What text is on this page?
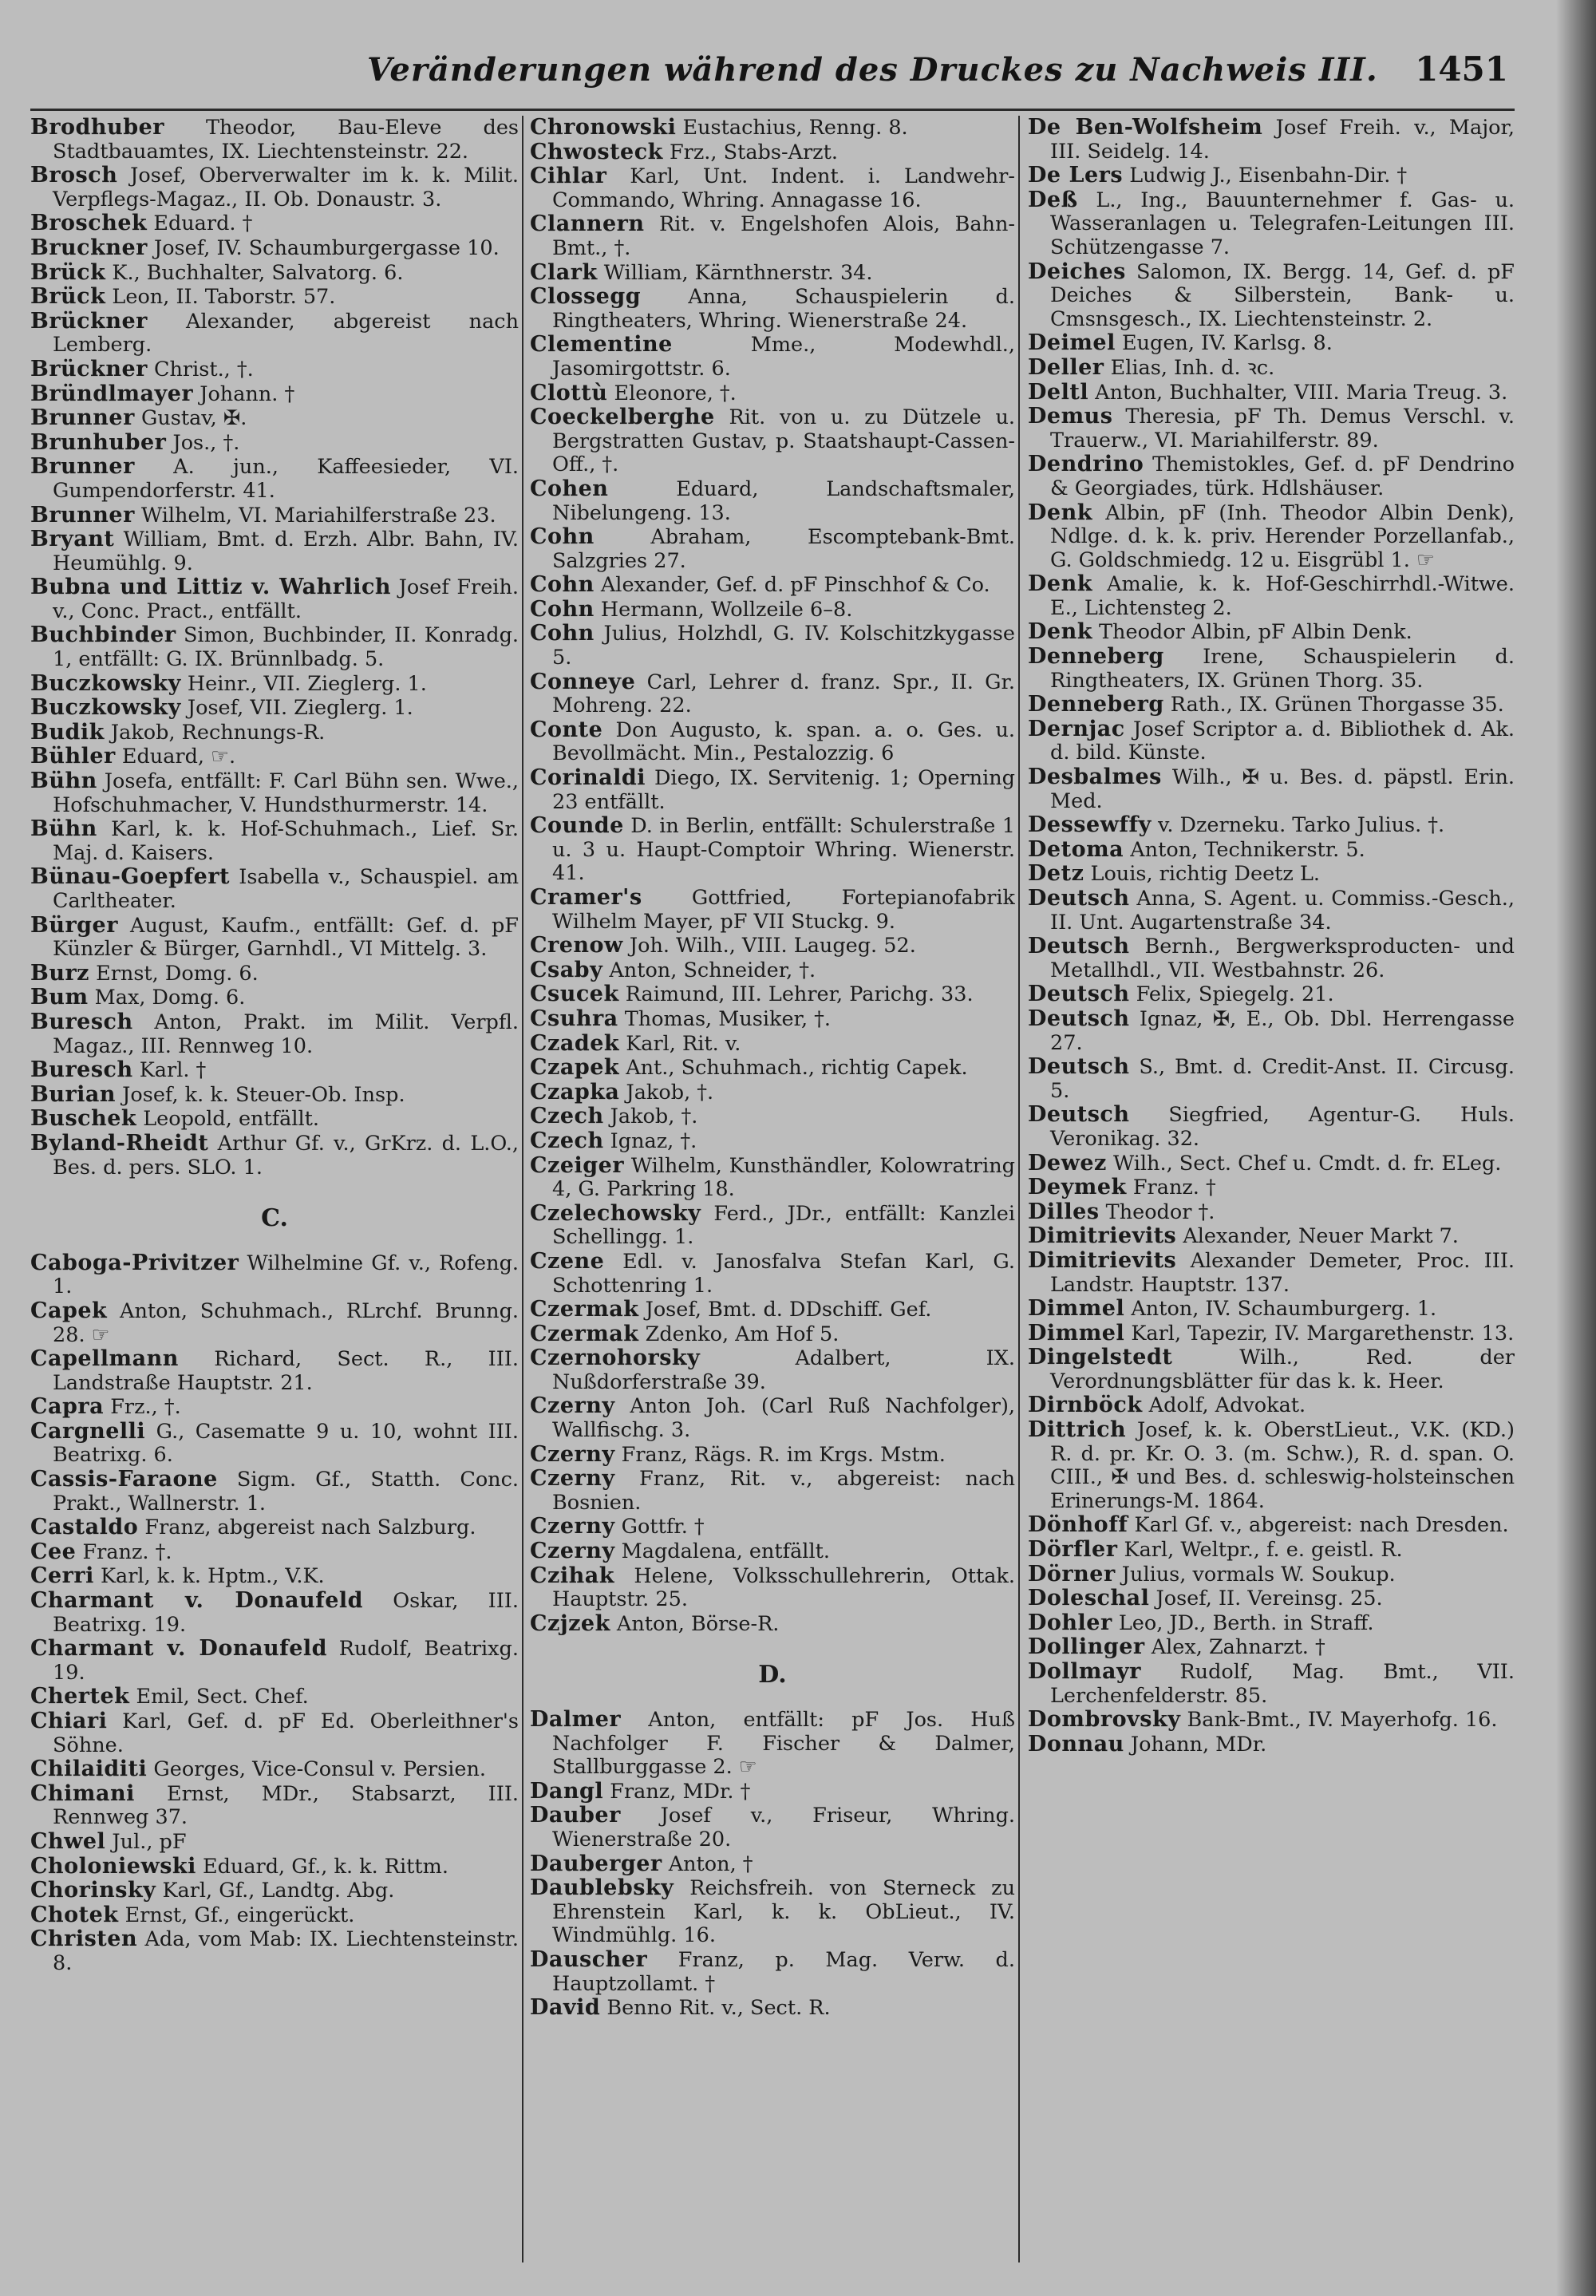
Veränderungen während des Druckes zu Nachweis III. 1451
Brodhuber Theodor, Bau-Eleve des Stadtbauamtes, IX. Liechtensteinstr. 22.
Brosch Josef, Oberverwalter im k. k. Milit. Verpflegs-Magaz., II. Ob. Donaustr. 3.
Broschek Eduard. †
Bruckner Josef, IV. Schaumburgergasse 10.
Brück K., Buchhalter, Salvatorg. 6.
Brück Leon, II. Taborstr. 57.
Brückner Alexander, abgereist nach Lemberg.
Brückner Christ., †.
Bründlmayer Johann. †
Brunner Gustav, ✠.
Brunhuber Jos., †.
Brunner A. jun., Kaffeesieder, VI. Gumpendorferstr. 41.
Brunner Wilhelm, VI. Mariahilferstraße 23.
Bryant William, Bmt. d. Erzh. Albr. Bahn, IV. Heumühlg. 9.
Bubna und Littiz v. Wahrlich Josef Freih. v., Conc. Pract., entfällt.
Buchbinder Simon, Buchbinder, II. Konradg. 1, entfällt: G. IX. Brünnlbadg. 5.
Buczkowsky Heinr., VII. Zieglerg. 1.
Buczkowsky Josef, VII. Zieglerg. 1.
Budik Jakob, Rechnungs-R.
Bühler Eduard, ☞.
Bühn Josefa, entfällt: F. Carl Bühn sen. Wwe., Hofschuhmacher, V. Hundsthurmerstr. 14.
Bühn Karl, k. k. Hof-Schuhmach., Lief. Sr. Maj. d. Kaisers.
Bünau-Goepfert Isabella v., Schauspiel. am Carltheater.
Bürger August, Kaufm., entfällt: Gef. d. pF Künzler & Bürger, Garnhdl., VI Mittelg. 3.
Burz Ernst, Domg. 6.
Bum Max, Domg. 6.
Buresch Anton, Prakt. im Milit. Verpfl. Magaz., III. Rennweg 10.
Buresch Karl. †
Burian Josef, k. k. Steuer-Ob. Insp.
Buschek Leopold, entfällt.
Byland-Rheidt Arthur Gf. v., GrKrz. d. L.O., Bes. d. pers. SLO. 1.
C.
Cabogа-Privitzer Wilhelmine Gf. v., Rofeng. 1.
Capek Anton, Schuhmach., RLrchf. Brunng. 28. ☞
Capellmann Richard, Sect. R., III. Landstraße Hauptstr. 21.
Capra Frz., †.
Cargnelli G., Casematte 9 u. 10, wohnt III. Beatrixg. 6.
Cassis-Faraone Sigm. Gf., Statth. Conc. Prakt., Wallnerstr. 1.
Castaldo Franz, abgereist nach Salzburg.
Cee Franz. †.
Cerri Karl, k. k. Hptm., V.K.
Charmant v. Donaufeld Oskar, III. Beatrixg. 19.
Charmant v. Donaufeld Rudolf, Beatrixg. 19.
Chertek Emil, Sect. Chef.
Chiari Karl, Gef. d. pF Ed. Oberleithner's Söhne.
Chilaiditi Georges, Vice-Consul v. Persien.
Chimani Ernst, MDr., Stabsarzt, III. Rennweg 37.
Chwel Jul., pF
Choloniewski Eduard, Gf., k. k. Rittm.
Chorinsky Karl, Gf., Landtg. Abg.
Chotek Ernst, Gf., eingerückt.
Christen Ada, vom Mab: IX. Liechtensteinstr. 8.
Chronowski Eustachius, Renng. 8.
Chwosteck Frz., Stabs-Arzt.
Cihlar Karl, Unt. Indent. i. Landwehr-Commando, Whring. Annagasse 16.
Clannern Rit. v. Engelshofen Alois, Bahn-Bmt., †.
Clark William, Kärnthnerstr. 34.
Clossegg Anna, Schauspielerin d. Ringtheaters, Whring. Wienerstraße 24.
Clementine Mme., Modewhdl., Jasomirgottstr. 6.
Clottù Eleonore, †.
Coeckelberghe Rit. von u. zu Dützele u. Bergstratten Gustav, p. Staatshaupt-Cassen-Off., †.
Cohen Eduard, Landschaftsmaler, Nibelungeng. 13.
Cohn Abraham, Escomptebank-Bmt. Salzgries 27.
Cohn Alexander, Gef. d. pF Pinschhof & Co.
Cohn Hermann, Wollzeile 6–8.
Cohn Julius, Holzhdl, G. IV. Kolschitzkygasse 5.
Conneye Carl, Lehrer d. franz. Spr., II. Gr. Mohreng. 22.
Conte Don Augusto, k. span. a. o. Ges. u. Bevollmächt. Min., Pestalozzig. 6
Corinaldi Diego, IX. Servitenig. 1; Operning 23 entfällt.
Counde D. in Berlin, entfällt: Schulerstraße 1 u. 3 u. Haupt-Comptoir Whring. Wienerstr. 41.
Cramer's Gottfried, Fortepianofabrik Wilhelm Mayer, pF VII Stuckg. 9.
Crenow Joh. Wilh., VIII. Laugeg. 52.
Csaby Anton, Schneider, †.
Csucek Raimund, III. Lehrer, Parichg. 33.
Csuhra Thomas, Musiker, †.
Czadek Karl, Rit. v.
Czapek Ant., Schuhmach., richtig Capek.
Czapka Jakob, †.
Czech Jakob, †.
Czech Ignaz, †.
Czeiger Wilhelm, Kunsthändler, Kolowratring 4, G. Parkring 18.
Czelechowsky Ferd., JDr., entfällt: Kanzlei Schellingg. 1.
Czene Edl. v. Janosfalva Stefan Karl, G. Schottenring 1.
Czermak Josef, Bmt. d. DDschiff. Gef.
Czermak Zdenko, Am Hof 5.
Czernohorsky Adalbert, IX. Nußdorferstraße 39.
Czerny Anton Joh. (Carl Ruß Nachfolger), Wallfischg. 3.
Czerny Franz, Rägs. R. im Krgs. Mstm.
Czerny Franz, Rit. v., abgereist: nach Bosnien.
Czerny Gottfr. †
Czerny Magdalena, entfällt.
Czihak Helene, Volksschullehrerin, Ottak. Hauptstr. 25.
Czjzek Anton, Börse-R.
D.
Dalmer Anton, entfällt: pF Jos. Huß Nachfolger F. Fischer & Dalmer, Stallburggasse 2. ☞
Dangl Franz, MDr. †
Dauber Josef v., Friseur, Whring. Wienerstraße 20.
Dauberger Anton, †
Daublebsky Reichsfreih. von Sterneck zu Ehrenstein Karl, k. k. ObLieut., IV. Windmühlg. 16.
Dauscher Franz, p. Mag. Verw. d. Hauptzollamt. †
David Benno Rit. v., Sect. R.
De Ben-Wolfsheim Josef Freih. v., Major, III. Seidelg. 14.
De Lers Ludwig J., Eisenbahn-Dir. †
Deß L., Ing., Bauunternehmer f. Gas- u. Wasseranlagen u. Telegrafen-Leitungen III. Schützengasse 7.
Deiches Salomon, IX. Bergg. 14, Gef. d. pF Deiches & Silberstein, Bank- u. Cmsnsgesch., IX. Liechtensteinstr. 2.
Deimel Eugen, IV. Karlsg. 8.
Deller Elias, Inh. d. ꝛc.
Deltl Anton, Buchhalter, VIII. Maria Treug. 3.
Demus Theresia, pF Th. Demus Verschl. v. Trauerw., VI. Mariahilferstr. 89.
Dendrino Themistokles, Gef. d. pF Dendrino & Georgiades, türk. Hdlshäuser.
Denk Albin, pF (Inh. Theodor Albin Denk), Ndlge. d. k. k. priv. Herender Porzellanfab., G. Goldschmiedg. 12 u. Eisgrübl 1. ☞
Denk Amalie, k. k. Hof-Geschirrhdl.-Witwe. E., Lichtensteg 2.
Denk Theodor Albin, pF Albin Denk.
Denneberg Irene, Schauspielerin d. Ringtheaters, IX. Grünen Thorg. 35.
Denneberg Rath., IX. Grünen Thorgasse 35.
Dernjac Josef Scriptor a. d. Bibliothek d. Ak. d. bild. Künste.
Desbalmes Wilh., ✠ u. Bes. d. päpstl. Erin. Med.
Dessewffy v. Dzerneku. Tarko Julius. †.
Detoma Anton, Technikerstr. 5.
Detz Louis, richtig Deetz L.
Deutsch Anna, S. Agent. u. Commiss.-Gesch., II. Unt. Augartenstraße 34.
Deutsch Bernh., Bergwerksproducten- und Metallhdl., VII. Westbahnstr. 26.
Deutsch Felix, Spiegelg. 21.
Deutsch Ignaz, ✠, E., Ob. Dbl. Herrengasse 27.
Deutsch S., Bmt. d. Credit-Anst. II. Circusg. 5.
Deutsch Siegfried, Agentur-G. Huls. Veronikag. 32.
Dewez Wilh., Sect. Chef u. Cmdt. d. fr. ELeg.
Deymek Franz. †
Dilles Theodor †.
Dimitrievits Alexander, Neuer Markt 7.
Dimitrievits Alexander Demeter, Proc. III. Landstr. Hauptstr. 137.
Dimmel Anton, IV. Schaumburgerg. 1.
Dimmel Karl, Tapezir, IV. Margarethenstr. 13.
Dingelstedt Wilh., Red. der Verordnungsblätter für das k. k. Heer.
Dirnböck Adolf, Advokat.
Dittrich Josef, k. k. OberstLieut., V.K. (KD.) R. d. pr. Kr. O. 3. (m. Schw.), R. d. span. O. CIII., ✠ und Bes. d. schleswig-holsteinschen Erinerungs-M. 1864.
Dönhoff Karl Gf. v., abgereist: nach Dresden.
Dörfler Karl, Weltpr., f. e. geistl. R.
Dörner Julius, vormals W. Soukup.
Doleschal Josef, II. Vereinsg. 25.
Dohler Leo, JD., Berth. in Straff.
Dollinger Alex, Zahnarzt. †
Dollmayr Rudolf, Mag. Bmt., VII. Lerchenfelderstr. 85.
Dombrovsky Bank-Bmt., IV. Mayerhofg. 16.
Donnau Johann, MDr.
